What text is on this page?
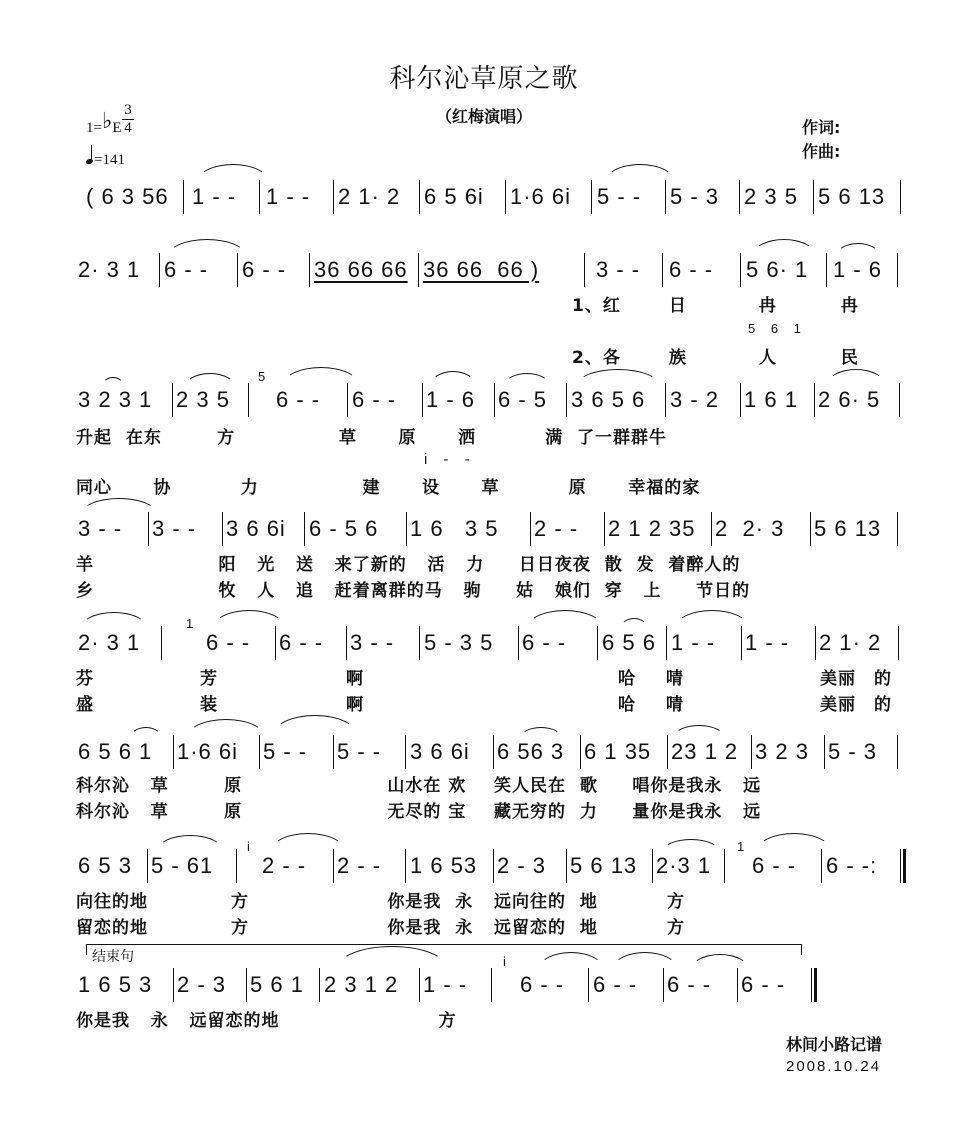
科尔沁草原之歌
（红梅演唱）
1=♭E
3
4
=141
作词:
作曲:
( 6 3 56 1 - - 1 - - 2 1· 2 6 5 6i 1·6 6i 5 - - 5 - 3 2 3 5 5 6 13
2· 3 1 6 - - 6 - - 36 66 66 36 66  66 )	3 - - 6 - - 5 6· 1 1 - 6
1、红	日	冉	冉
5 6 1
2、各	族	人	民
3 2 3 1 2 3 5
5
6 - - 6 - - 1 - 6 6 - 5 3 6 5 6 3 - 2 1 6 1 2 6· 5
升起  在东        方               草      原      洒          满  了一群群牛
i - -
同心      协          力               建      设      草          原      幸福的家
3 - - 3 - - 3 6 6i 6 - 5 6 1 6   3 5 2 - - 2 1 2 35 2  2· 3 5 6 13
羊                  阳   光   送   来了新的   活   力     日日夜夜  散  发  着醉人的
乡                  牧   人   追   赶着离群的马   驹     姑   娘们  穿   上     节日的
2· 3 1
1
6 - - 6 - - 3 - - 5 - 3 5 6 - - 6 5 6 1 - - 1 - - 2 1· 2
芬	芳	啊	哈 啨	美丽 的
盛	装	啊	哈 啨	美丽 的
6 5 6 1 1·6 6i 5 - - 5 - - 3 6 6i 6 56 3 6 1 35 23 1 2 3 2 3 5 - 3
科尔沁   草        原                     山水在 欢    笑人民在  歌     唱你是我永   远
科尔沁   草        原                     无尽的 宝    藏无穷的  力     量你是我永   远
6 5 3 5 - 61
i
2 - - 2 - - 1 6 53 2 - 3 5 6 13 2·3 1
1
6 - - 6 - -:
向往的地            方                    你是我  永   远向往的  地          方
留恋的地            方                    你是我  永   远留恋的  地          方
结束句
1 6 5 3 2 - 3 5 6 1 2 3 1 2 1 - -
i
6 - - 6 - - 6 - - 6 - -
你是我   永   远留恋的地                       方
林间小路记谱
2008.10.24
